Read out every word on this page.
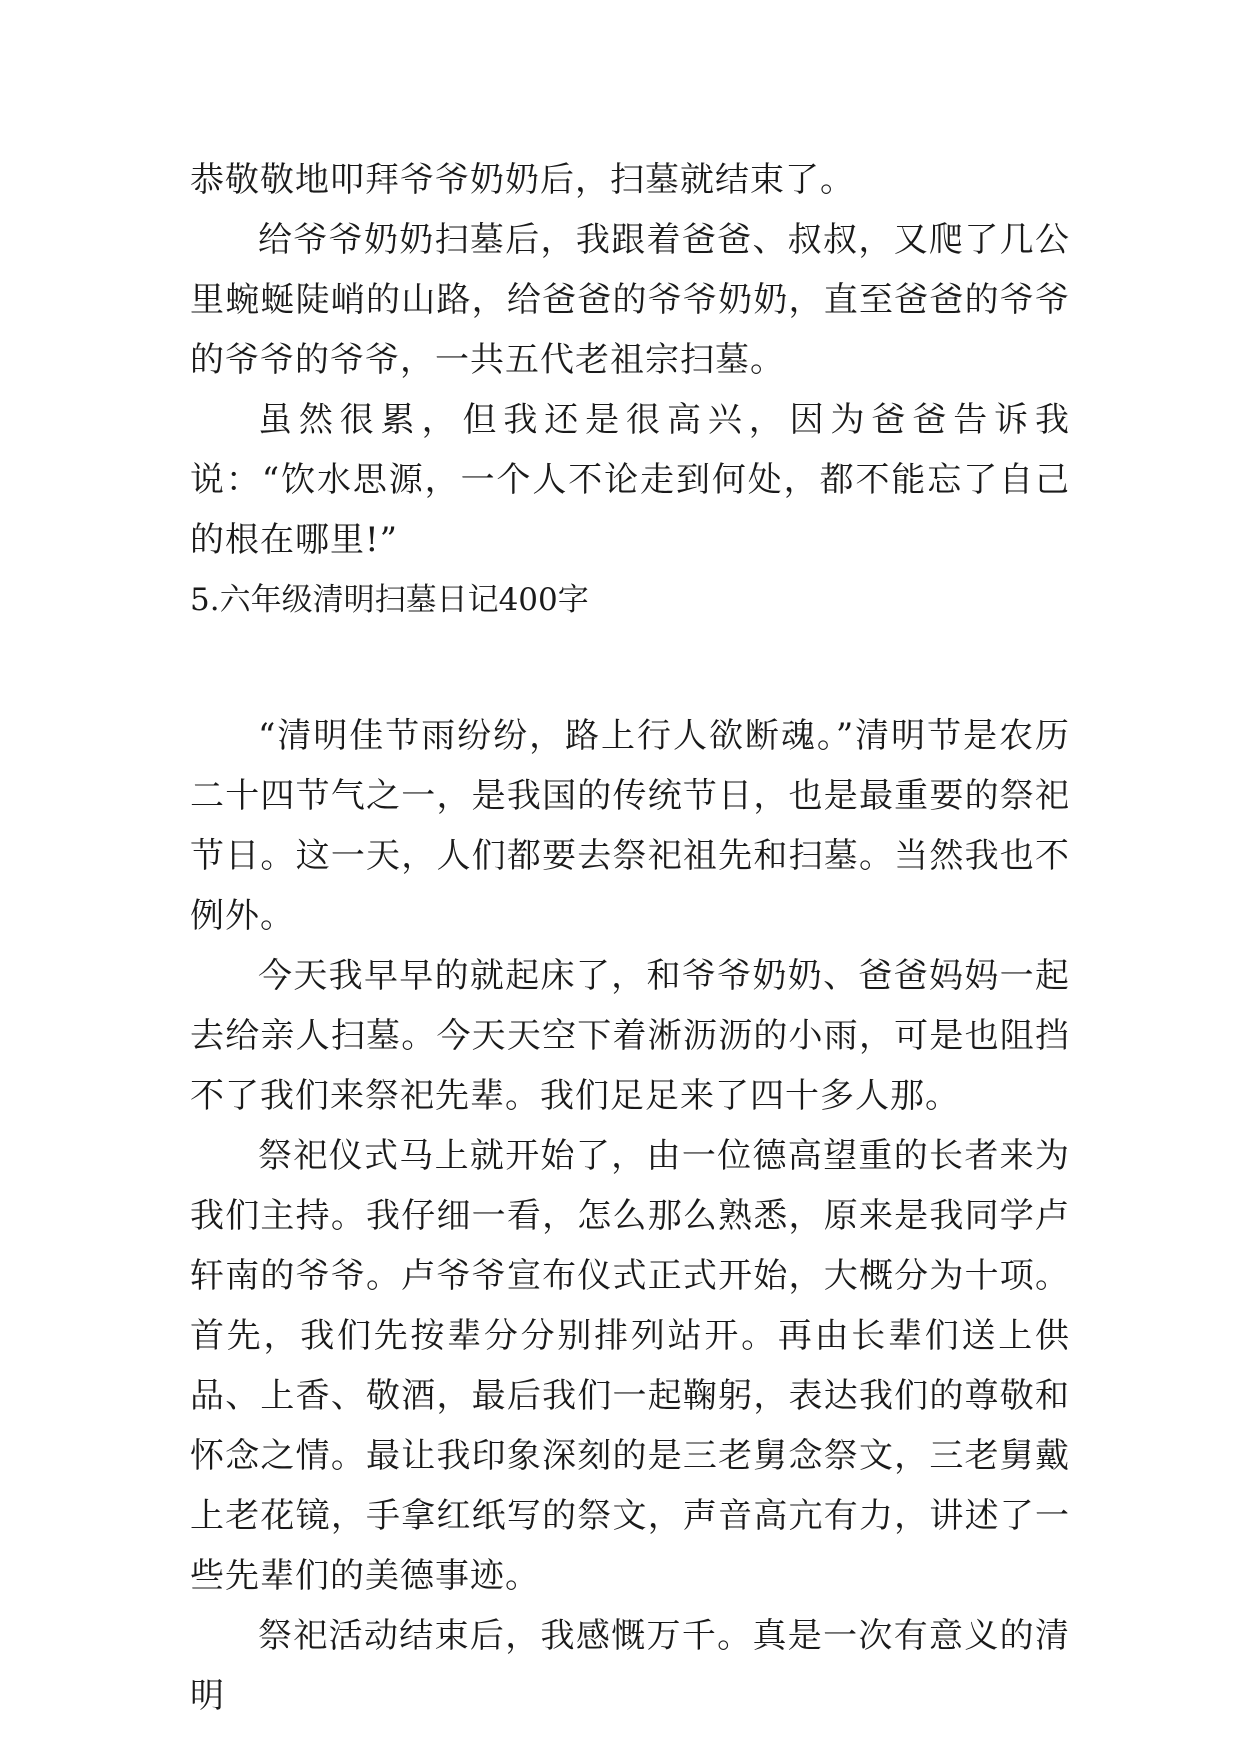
恭敬敬地叩拜爷爷奶奶后，扫墓就结束了。

给爷爷奶奶扫墓后，我跟着爸爸、叔叔，又爬了几公里蜿蜒陡峭的山路，给爸爸的爷爷奶奶，直至爸爸的爷爷的爷爷的爷爷，一共五代老祖宗扫墓。

虽然很累，但我还是很高兴，因为爸爸告诉我说：“饮水思源，一个人不论走到何处，都不能忘了自己的根在哪里!”

5.六年级清明扫墓日记400字

“清明佳节雨纷纷，路上行人欲断魂。”清明节是农历二十四节气之一，是我国的传统节日，也是最重要的祭祀节日。这一天，人们都要去祭祀祖先和扫墓。当然我也不例外。

今天我早早的就起床了，和爷爷奶奶、爸爸妈妈一起去给亲人扫墓。今天天空下着淅沥沥的小雨，可是也阻挡不了我们来祭祀先辈。我们足足来了四十多人那。

祭祀仪式马上就开始了，由一位德高望重的长者来为我们主持。我仔细一看，怎么那么熟悉，原来是我同学卢轩南的爷爷。卢爷爷宣布仪式正式开始，大概分为十项。首先，我们先按辈分分别排列站开。再由长辈们送上供品、上香、敬酒，最后我们一起鞠躬，表达我们的尊敬和怀念之情。最让我印象深刻的是三老舅念祭文，三老舅戴上老花镜，手拿红纸写的祭文，声音高亢有力，讲述了一些先辈们的美德事迹。

祭祀活动结束后，我感慨万千。真是一次有意义的清明
